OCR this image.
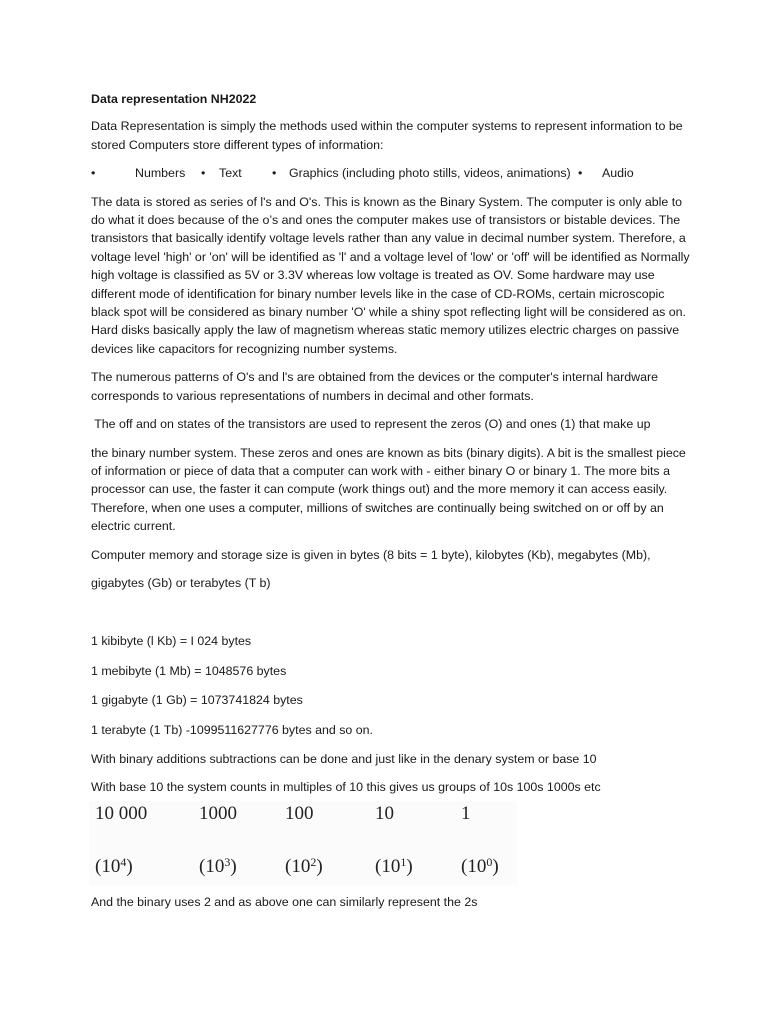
Data representation NH2022

Data Representation is simply the methods used within the computer systems to represent information to be stored Computers store different types of information:

•	Numbers	•	Text	•	Graphics (including photo stills, videos, animations) •	Audio

The data is stored as series of l's and O's. This is known as the Binary System. The computer is only able to do what it does because of the o’s and ones the computer makes use of transistors or bistable devices. The transistors that basically identify voltage levels rather than any value in decimal number system. Therefore, a voltage level 'high' or 'on' will be identified as 'l' and a voltage level of 'low' or 'off' will be identified as Normally high voltage is classified as 5V or 3.3V whereas low voltage is treated as OV. Some hardware may use different mode of identification for binary number levels like in the case of CD-ROMs, certain microscopic black spot will be considered as binary number 'O' while a shiny spot reflecting light will be considered as on. Hard disks basically apply the law of magnetism whereas static memory utilizes electric charges on passive devices like capacitors for recognizing number systems.

The numerous patterns of O's and l's are obtained from the devices or the computer's internal hardware corresponds to various representations of numbers in decimal and other formats.

The off and on states of the transistors are used to represent the zeros (O) and ones (1) that make up

the binary number system. These zeros and ones are known as bits (binary digits). A bit is the smallest piece of information or piece of data that a computer can work with - either binary O or binary 1. The more bits a processor can use, the faster it can compute (work things out) and the more memory it can access easily. Therefore, when one uses a computer, millions of switches are continually being switched on or off by an electric current.

Computer memory and storage size is given in bytes (8 bits = 1 byte), kilobytes (Kb), megabytes (Mb),

gigabytes (Gb) or terabytes (T b)

1 kibibyte (l Kb) = I 024 bytes

1 mebibyte (1 Mb) = 1048576 bytes

1 gigabyte (1 Gb) = 1073741824 bytes

1 terabyte (1 Tb) -1099511627776 bytes and so on.

With binary additions subtractions can be done and just like in the denary system or base 10

With base 10 the system counts in multiples of 10 this gives us groups of 10s 100s 1000s etc

10 000	1000	100	10	1
$(10^4)$	$(10^3)$	$(10^2)$	$(10^1)$	$(10^0)$

And the binary uses 2 and as above one can similarly represent the 2s
